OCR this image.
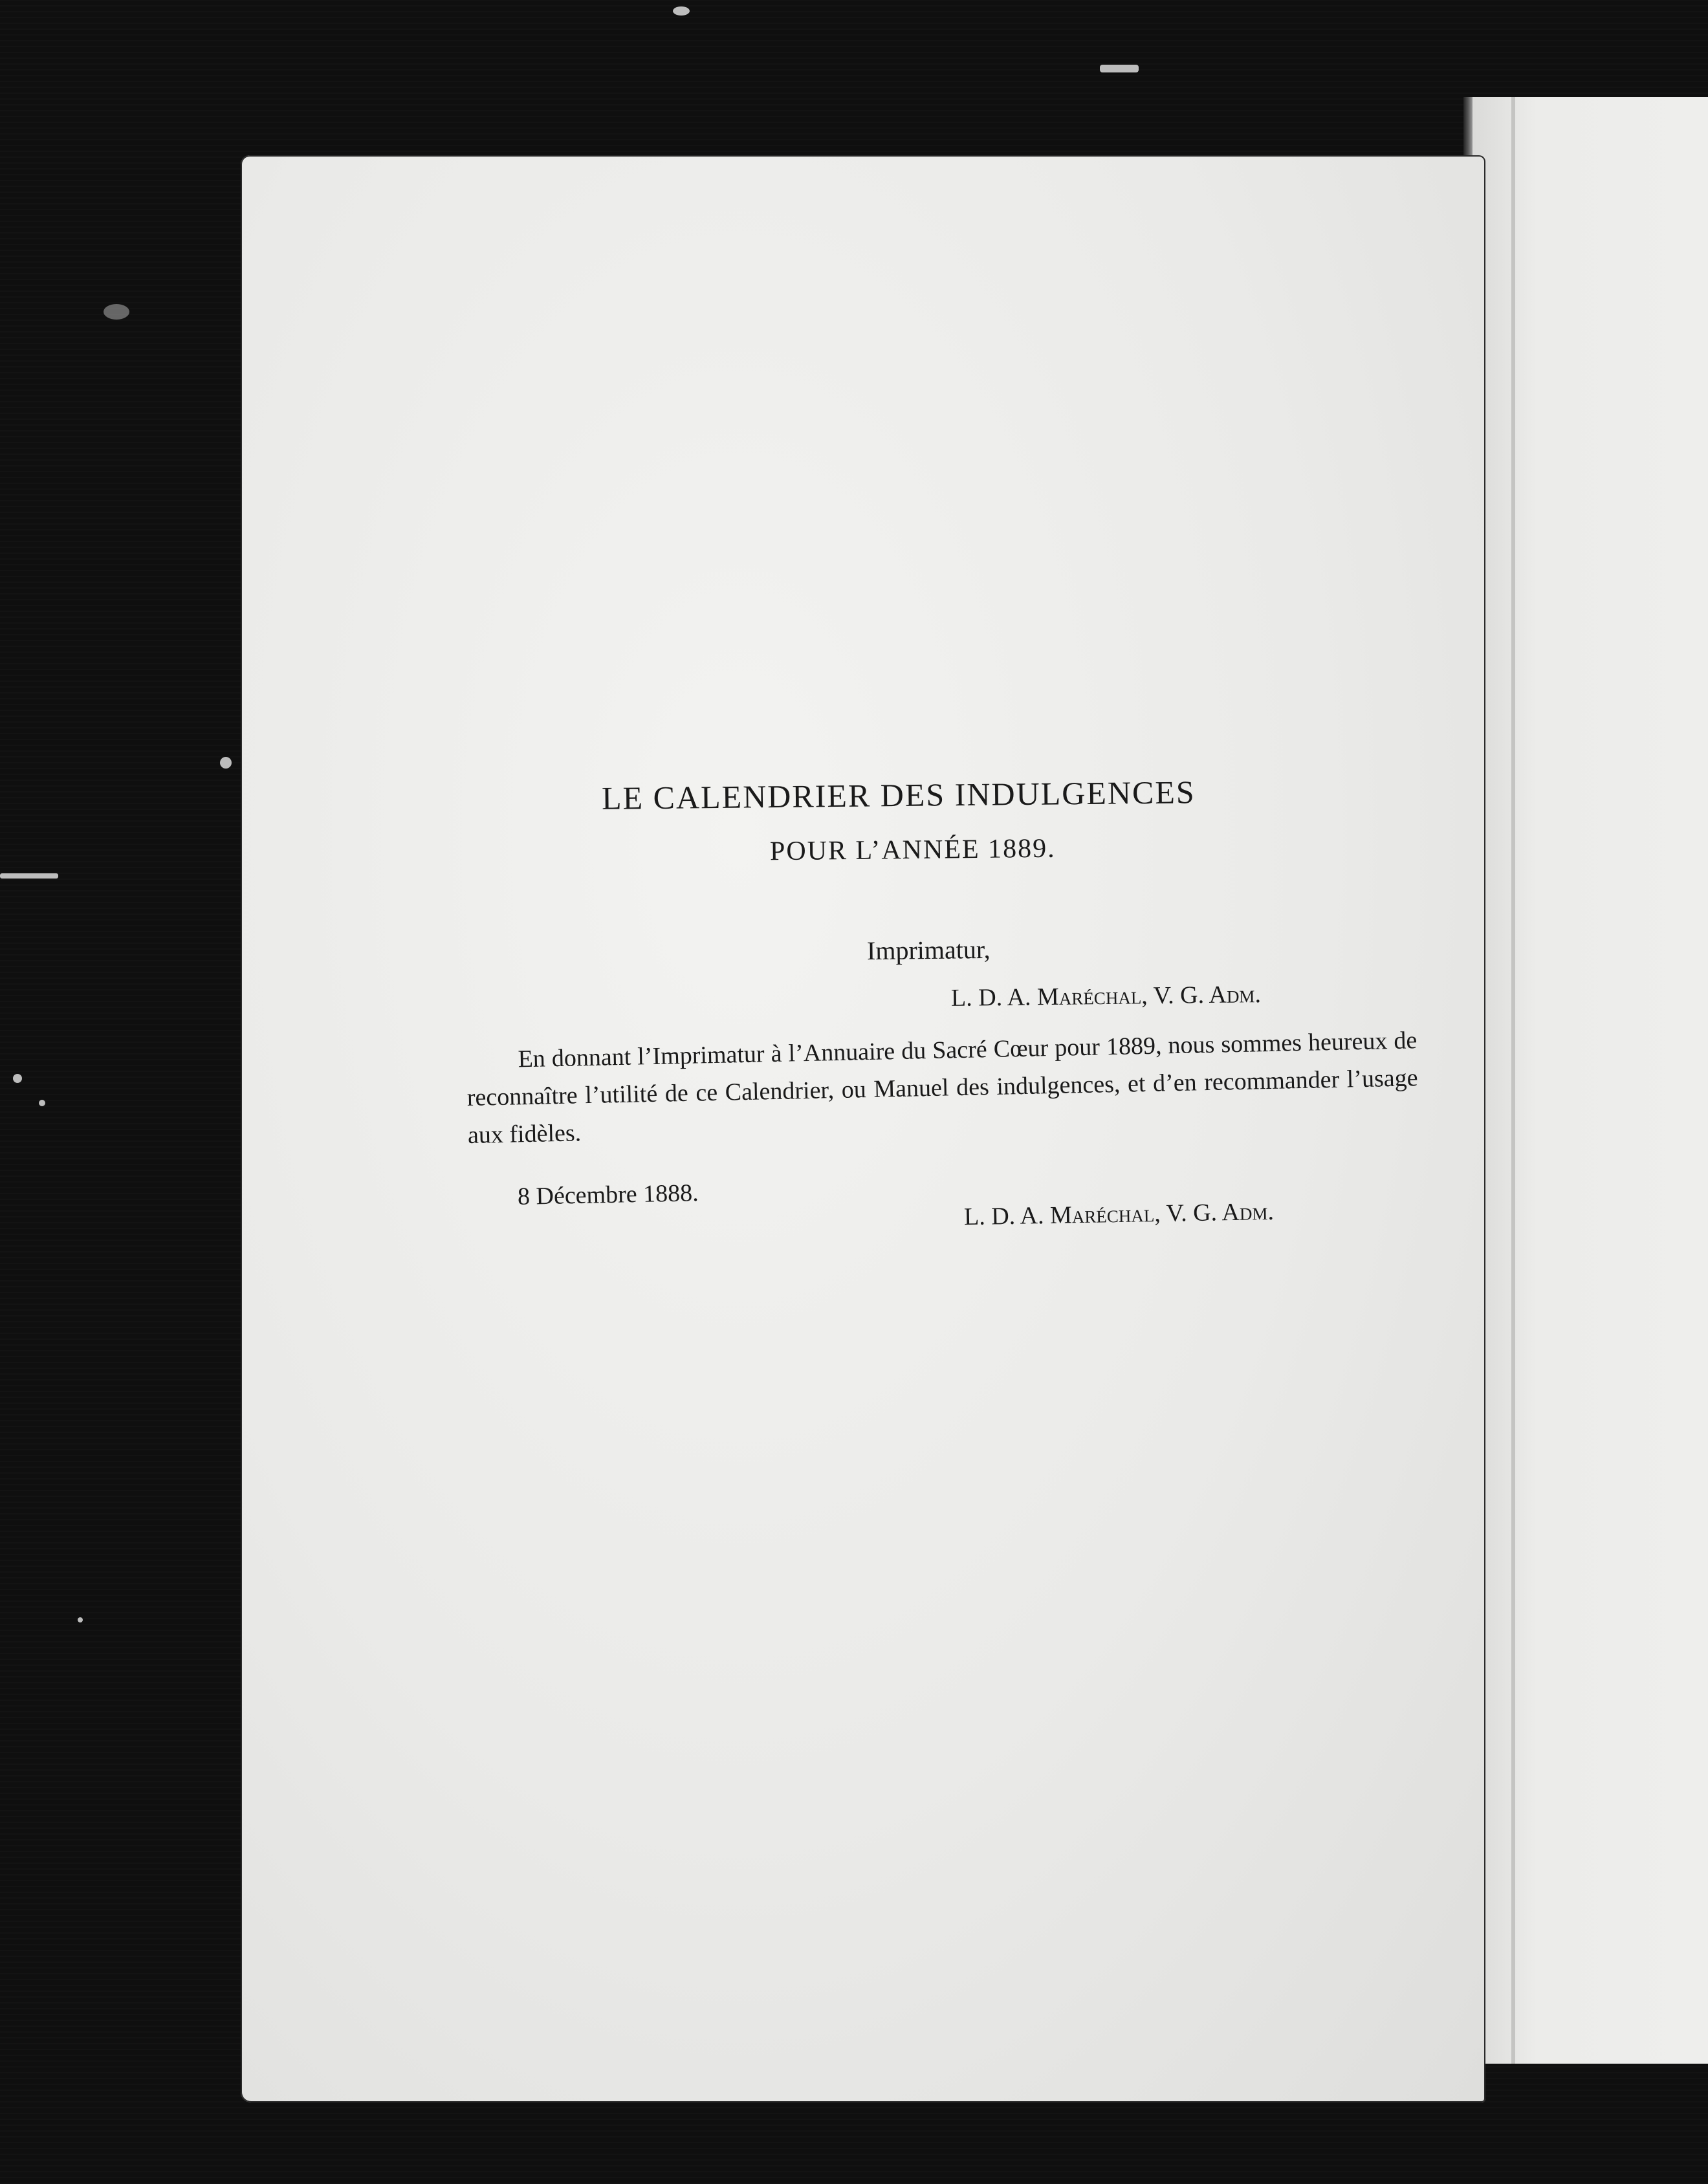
LE CALENDRIER DES INDULGENCES
POUR L’ANNÉE 1889.
Imprimatur,
L. D. A. Maréchal, V. G. Adm.
En donnant l’Imprimatur à l’Annuaire du Sacré Cœur pour 1889, nous sommes heureux de reconnaître l’utilité de ce Calendrier, ou Manuel des indulgences, et d’en recommander l’usage aux fidèles.
8 Décembre 1888.
L. D. A. Maréchal, V. G. Adm.
